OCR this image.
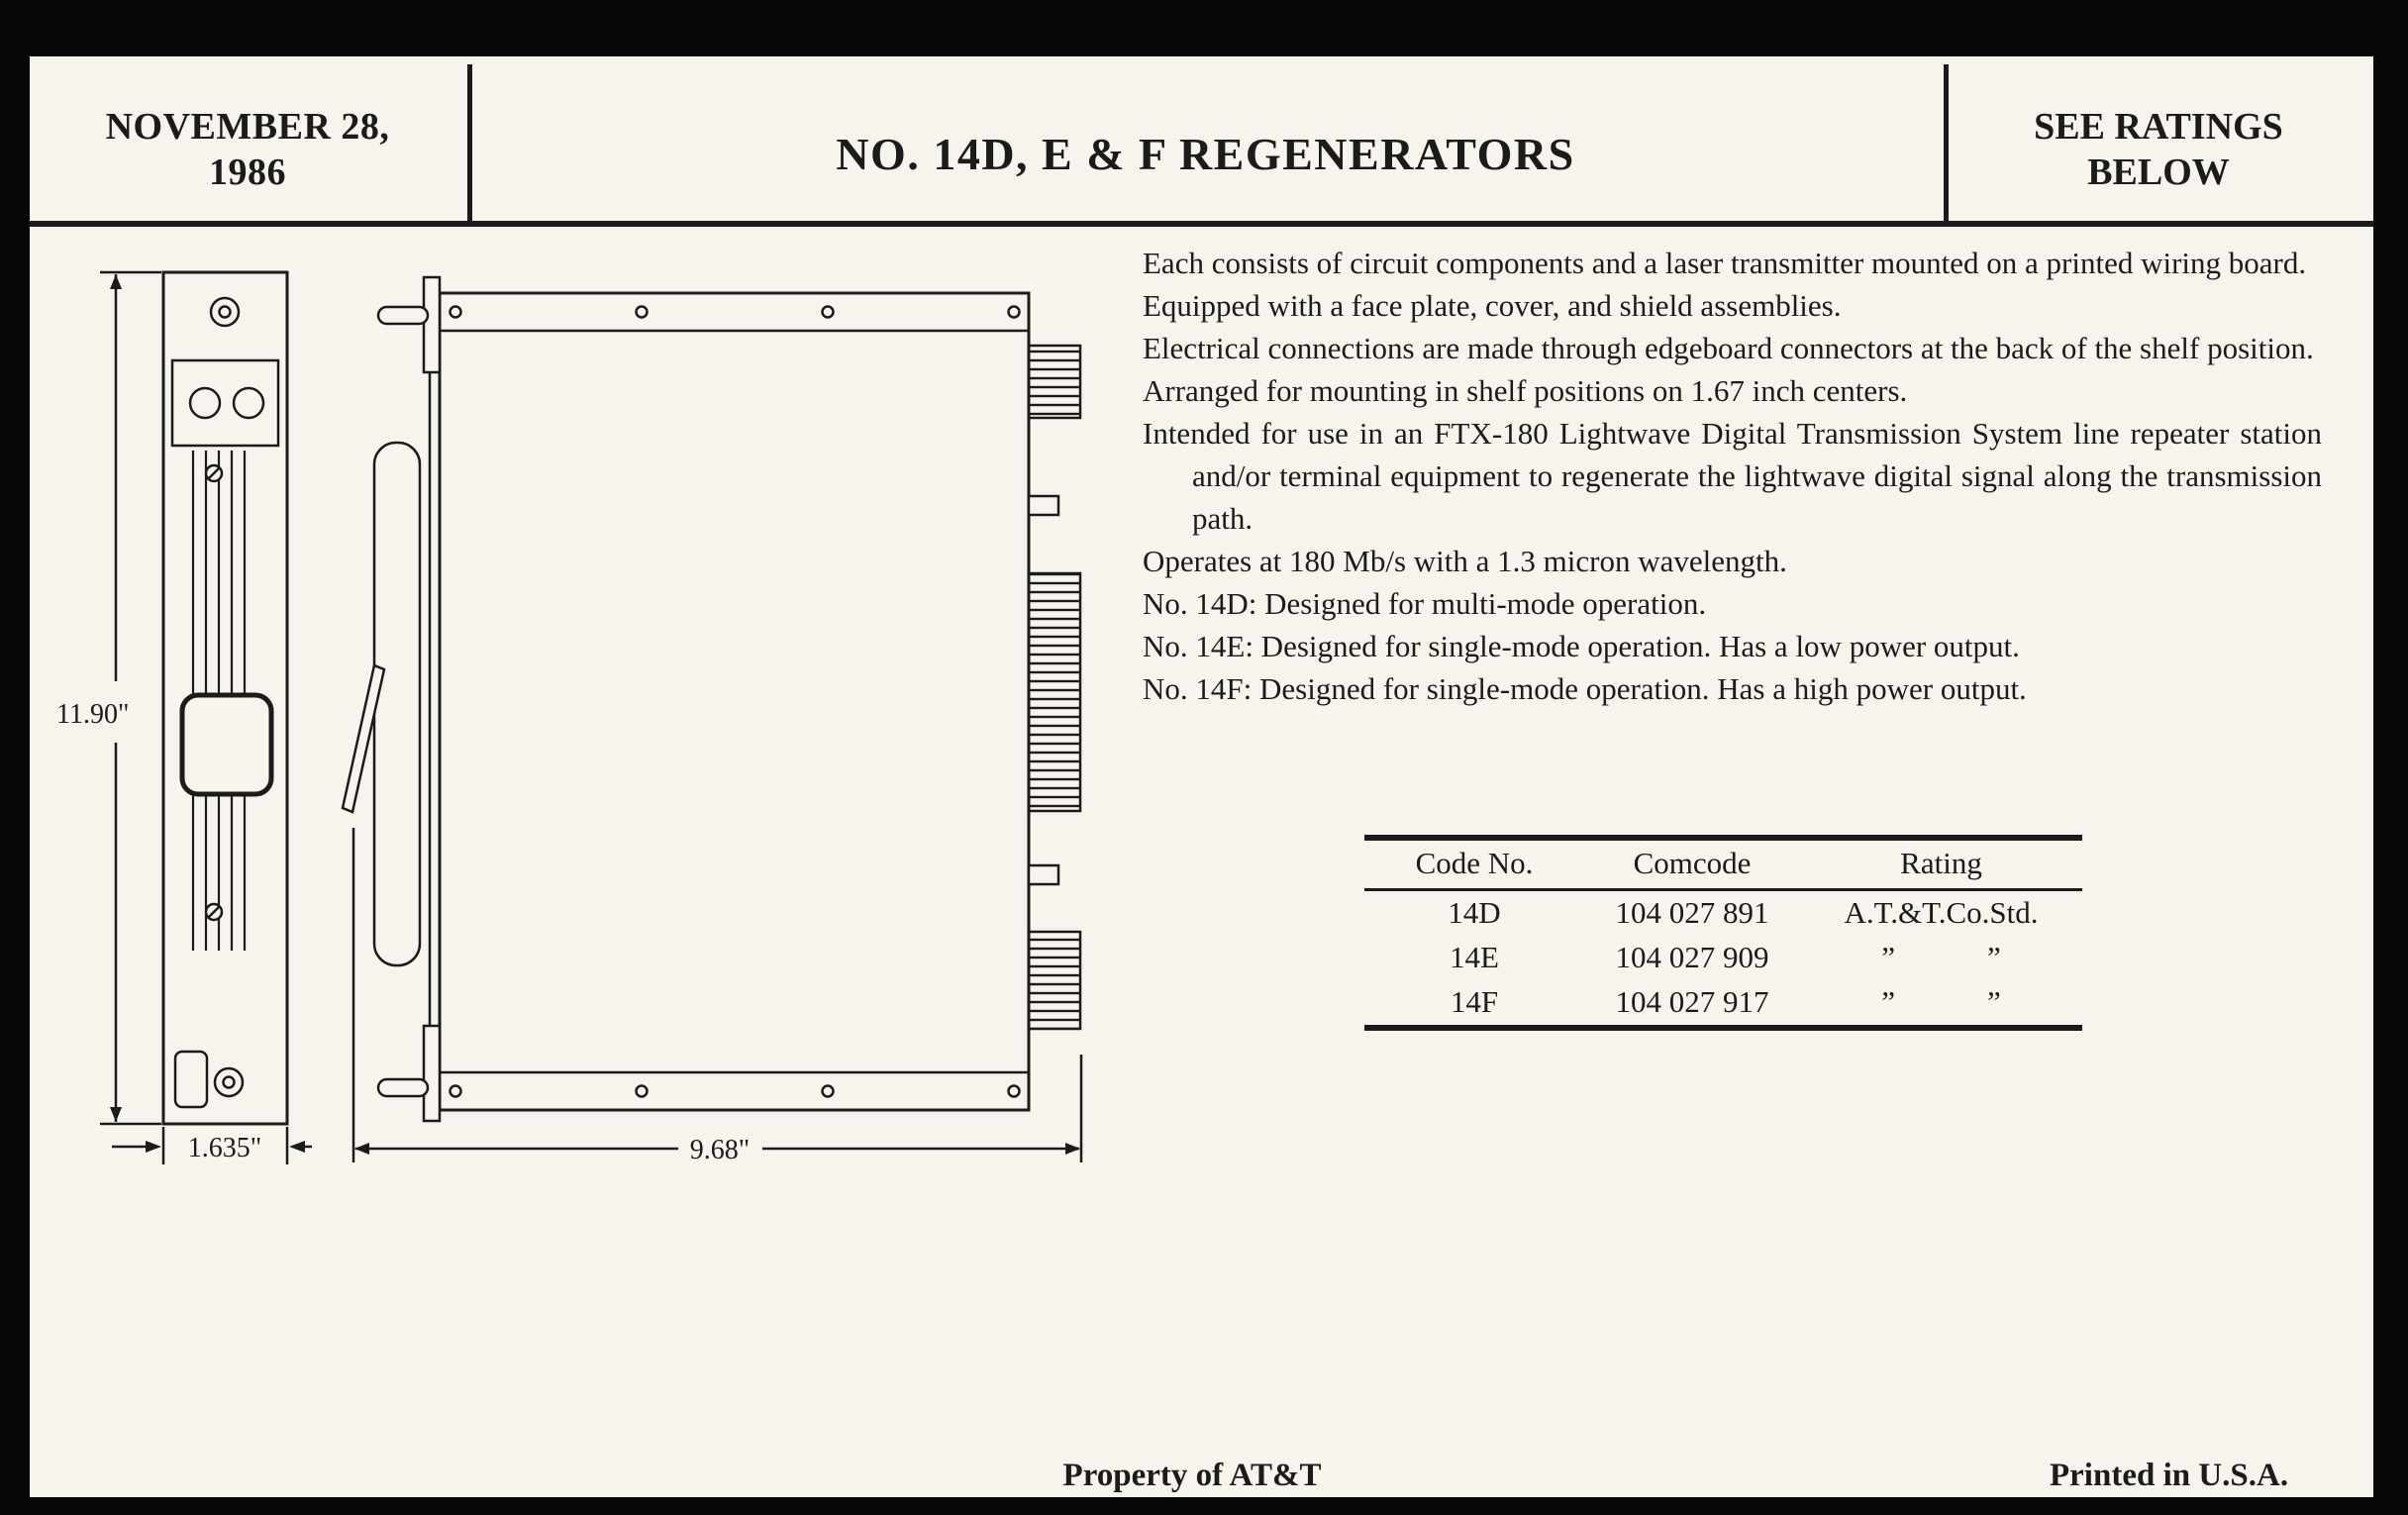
NOVEMBER 28,
1986	NO. 14D, E & F REGENERATORS
SEE RATINGS
BELOW
11.90"
1.635"	9.68"

Each consists of circuit components and a laser transmitter mounted on a printed wiring board.

Equipped with a face plate, cover, and shield assemblies.

Electrical connections are made through edgeboard connectors at the back of the shelf position.

Arranged for mounting in shelf positions on 1.67 inch centers.

Intended for use in an FTX-180 Lightwave Digital Transmission System line repeater station and/or terminal equipment to regenerate the lightwave digital signal along the transmission path.

Operates at 180 Mb/s with a 1.3 micron wavelength.

No. 14D: Designed for multi-mode operation.

No. 14E: Designed for single-mode operation. Has a low power output.

No. 14F: Designed for single-mode operation. Has a high power output.

Code No.	Comcode	Rating
14D	104 027 891	A.T.&T.Co.Std.
14E	104 027 909	”            ”
14F	104 027 917	”            ”
Property of AT&T	Printed in U.S.A.
